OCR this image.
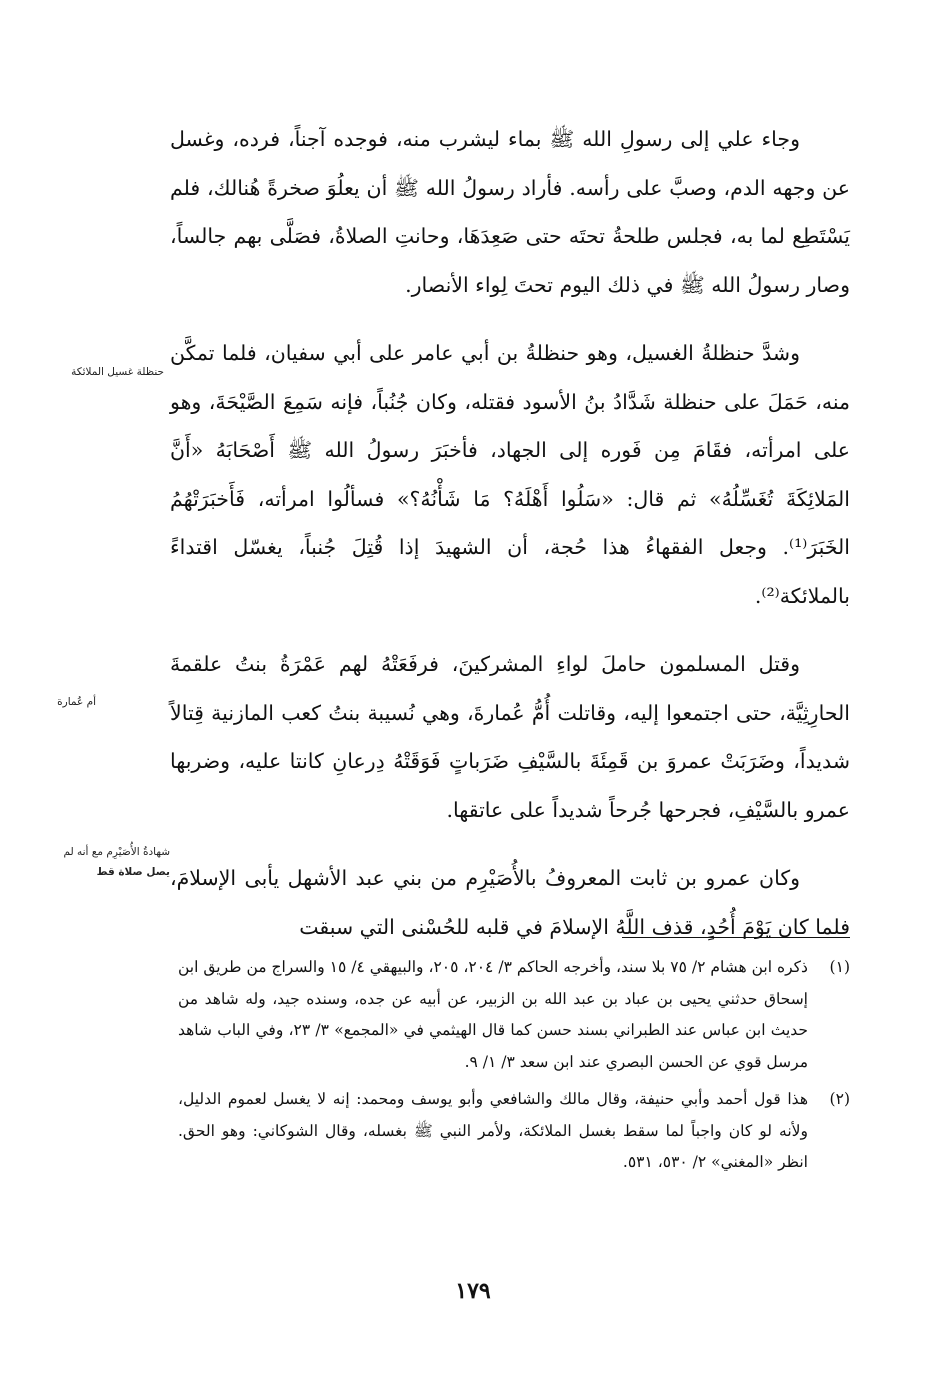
وجاء علي إلى رسولِ الله ﷺ بماء ليشرب منه، فوجده آجناً، فرده، وغسل عن وجهه الدم، وصبَّ على رأسه. فأراد رسولُ الله ﷺ أن يعلُوَ صخرةً هُنالك، فلم يَسْتَطِع لما به، فجلس طلحةُ تحتَه حتى صَعِدَهَا، وحانتِ الصلاةُ، فصَلَّى بهم جالساً، وصار رسولُ الله ﷺ في ذلك اليوم تحتَ لِواء الأنصار.

وشدَّ حنظلةُ الغسيل، وهو حنظلةُ بن أبي عامر على أبي سفيان، فلما تمكَّن منه، حَمَلَ على حنظلة شَدَّادُ بنُ الأسود فقتله، وكان جُنُباً، فإنه سَمِعَ الصَّيْحَةَ، وهو على امرأته، فقَامَ مِن فَوره إلى الجهاد، فأخبَرَ رسولُ الله ﷺ أَصْحَابَهُ «أَنَّ المَلائِكَةَ تُغَسِّلُهُ» ثم قال: «سَلُوا أَهْلَهُ؟ مَا شَأْنُهُ؟» فسألُوا امرأته، فَأَخبَرَتْهُمُ الخَبَرَ⁽¹⁾. وجعل الفقهاءُ هذا حُجة، أن الشهيدَ إذا قُتِلَ جُنباً، يغسّل اقتداءً بالملائكة⁽²⁾.

وقتل المسلمون حاملَ لواءِ المشركينَ، فرفَعَتْهُ لهم عَمْرَةُ بنتُ علقمةَ الحارِثِيَّة، حتى اجتمعوا إليه، وقاتلت أُمُّ عُمارةَ، وهي نُسيبة بنتُ كعب المازنية قِتالاً شديداً، وضَرَبَتْ عمروَ بن قَمِئَةَ بالسَّيْفِ ضَرَباتٍ فَوَقَتْهُ دِرعانِ كانتا عليه، وضربها عمرو بالسَّيْفِ، فجرحها جُرحاً شديداً على عاتقها.

وكان عمرو بن ثابت المعروفُ بالأُصَيْرِم من بني عبد الأشهل يأبى الإسلامَ، فلما كان يَوْمَ أُحُدٍ، قذف اللَّهُ الإسلامَ في قلبه للحُسْنى التي سبقت

حنظلة غسيل الملائكة
أم عُمارة
شهادةُ الأُصَيْرِم مع أنه لم
يصل صلاة قط
(١)
ذكره ابن هشام ٢/ ٧٥ بلا سند، وأخرجه الحاكم ٣/ ٢٠٤، ٢٠٥، والبيهقي ٤/ ١٥ والسراج من طريق ابن إسحاق حدثني يحيى بن عباد بن عبد الله بن الزبير، عن أبيه عن جده، وسنده جيد، وله شاهد من حديث ابن عباس عند الطبراني بسند حسن كما قال الهيثمي في «المجمع» ٣/ ٢٣، وفي الباب شاهد مرسل قوي عن الحسن البصري عند ابن سعد ٣/ ١/ ٩.
(٢)
هذا قول أحمد وأبي حنيفة، وقال مالك والشافعي وأبو يوسف ومحمد: إنه لا يغسل لعموم الدليل، ولأنه لو كان واجباً لما سقط بغسل الملائكة، ولأمر النبي ﷺ بغسله، وقال الشوكاني: وهو الحق. انظر «المغني» ٢/ ٥٣٠، ٥٣١.
١٧٩
